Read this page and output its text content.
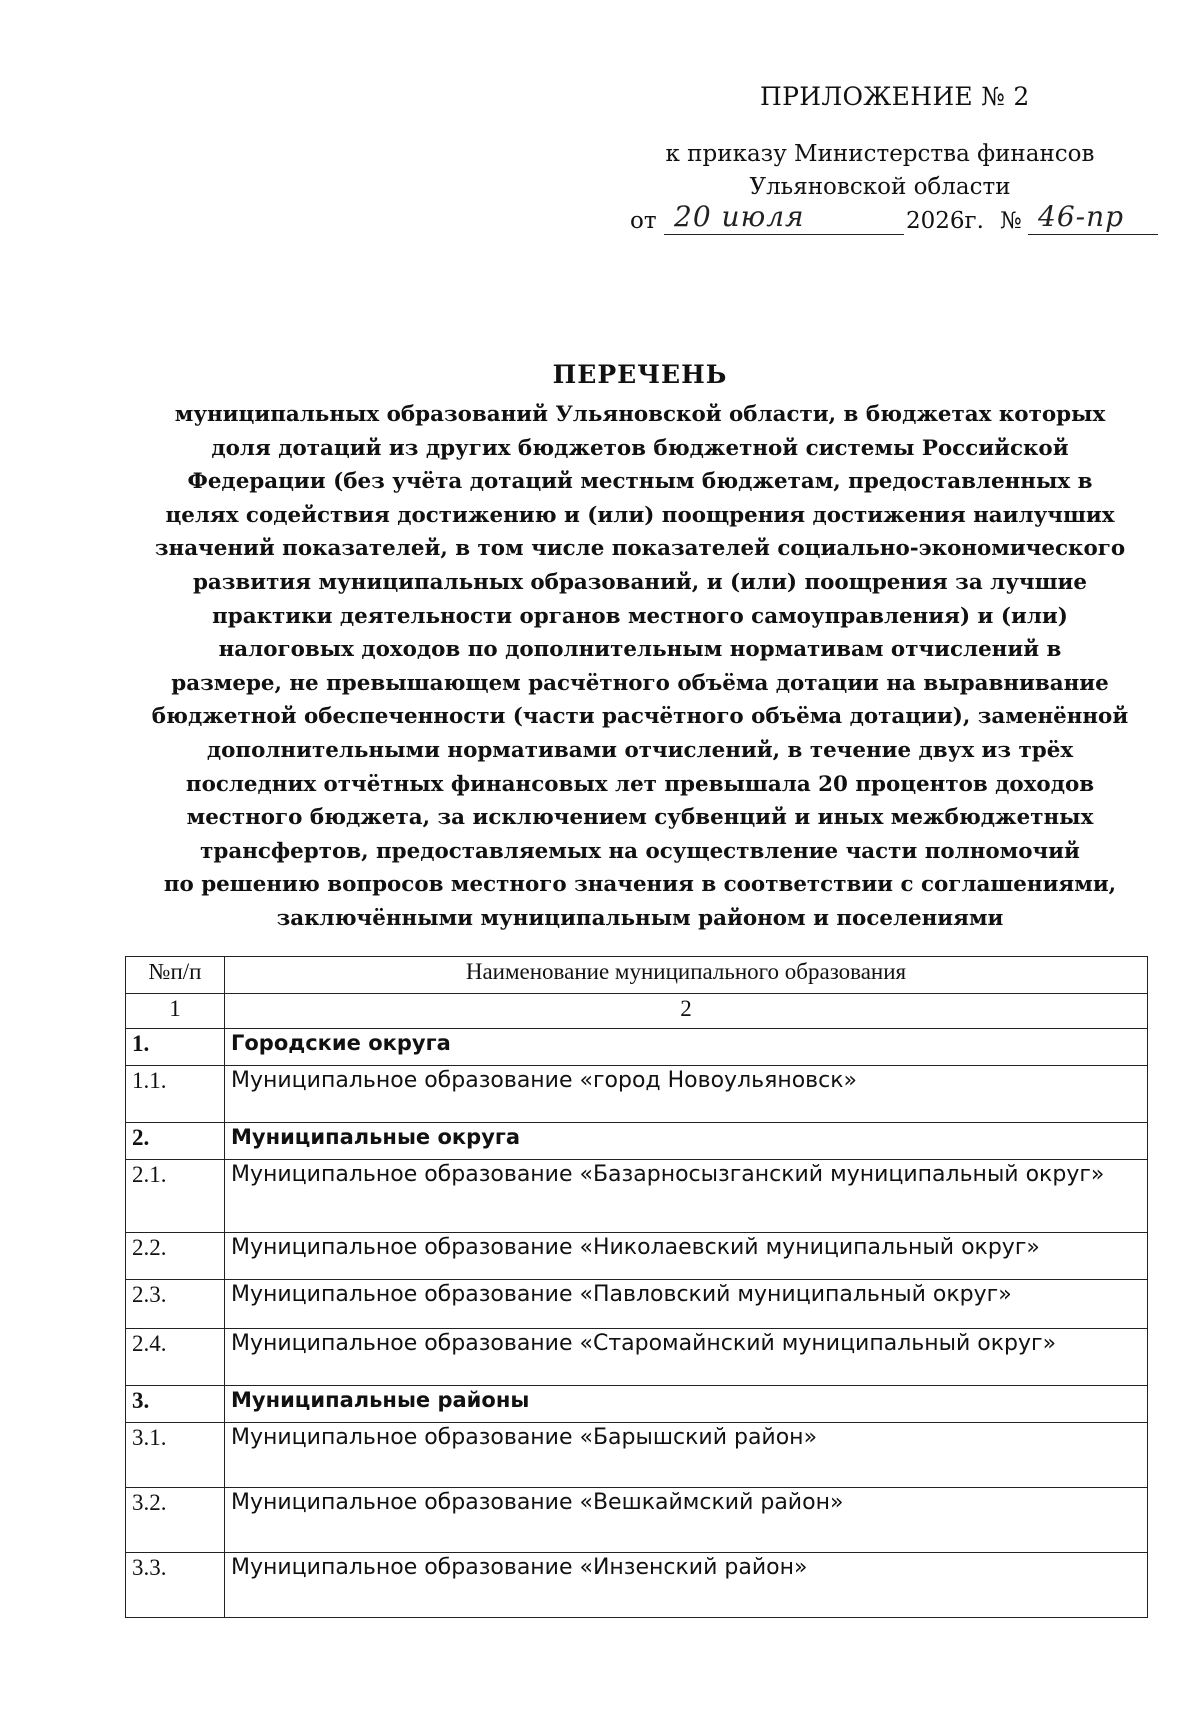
ПРИЛОЖЕНИЕ № 2
к приказу Министерства финансов
Ульяновской области
от 20 июля	2026г. № 46-пр
ПЕРЕЧЕНЬ
муниципальных образований Ульяновской области, в бюджетах которых
доля дотаций из других бюджетов бюджетной системы Российской
Федерации (без учёта дотаций местным бюджетам, предоставленных в
целях содействия достижению и (или) поощрения достижения наилучших
значений показателей, в том числе показателей социально-экономического
развития муниципальных образований, и (или) поощрения за лучшие
практики деятельности органов местного самоуправления) и (или)
налоговых доходов по дополнительным нормативам отчислений в
размере, не превышающем расчётного объёма дотации на выравнивание
бюджетной обеспеченности (части расчётного объёма дотации), заменённой
дополнительными нормативами отчислений, в течение двух из трёх
последних отчётных финансовых лет превышала 20 процентов доходов
местного бюджета, за исключением субвенций и иных межбюджетных
трансфертов, предоставляемых на осуществление части полномочий
по решению вопросов местного значения в соответствии с соглашениями,
заключёнными муниципальным районом и поселениями
№п/п	Наименование муниципального образования
1	2
1.	Городские округа
1.1.	Муниципальное образование «город Новоульяновск»
2.	Муниципальные округа
2.1.	Муниципальное образование «Базарносызганский муниципальный округ»
2.2.	Муниципальное образование «Николаевский муниципальный округ»
2.3.	Муниципальное образование «Павловский муниципальный округ»
2.4.	Муниципальное образование «Старомайнский муниципальный округ»
3.	Муниципальные районы
3.1.	Муниципальное образование «Барышский район»
3.2.	Муниципальное образование «Вешкаймский район»
3.3.	Муниципальное образование «Инзенский район»
